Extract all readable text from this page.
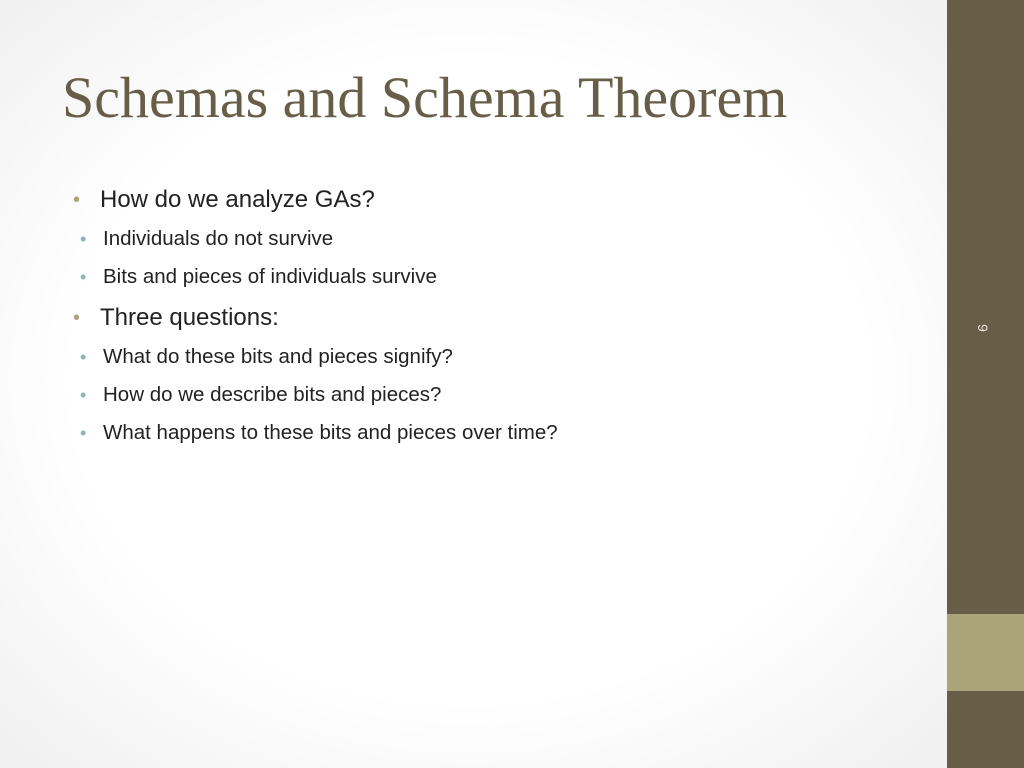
9
Schemas and Schema Theorem
• How do we analyze GAs?
• Individuals do not survive
• Bits and pieces of individuals survive
• Three questions:
• What do these bits and pieces signify?
• How do we describe bits and pieces?
• What happens to these bits and pieces over time?
